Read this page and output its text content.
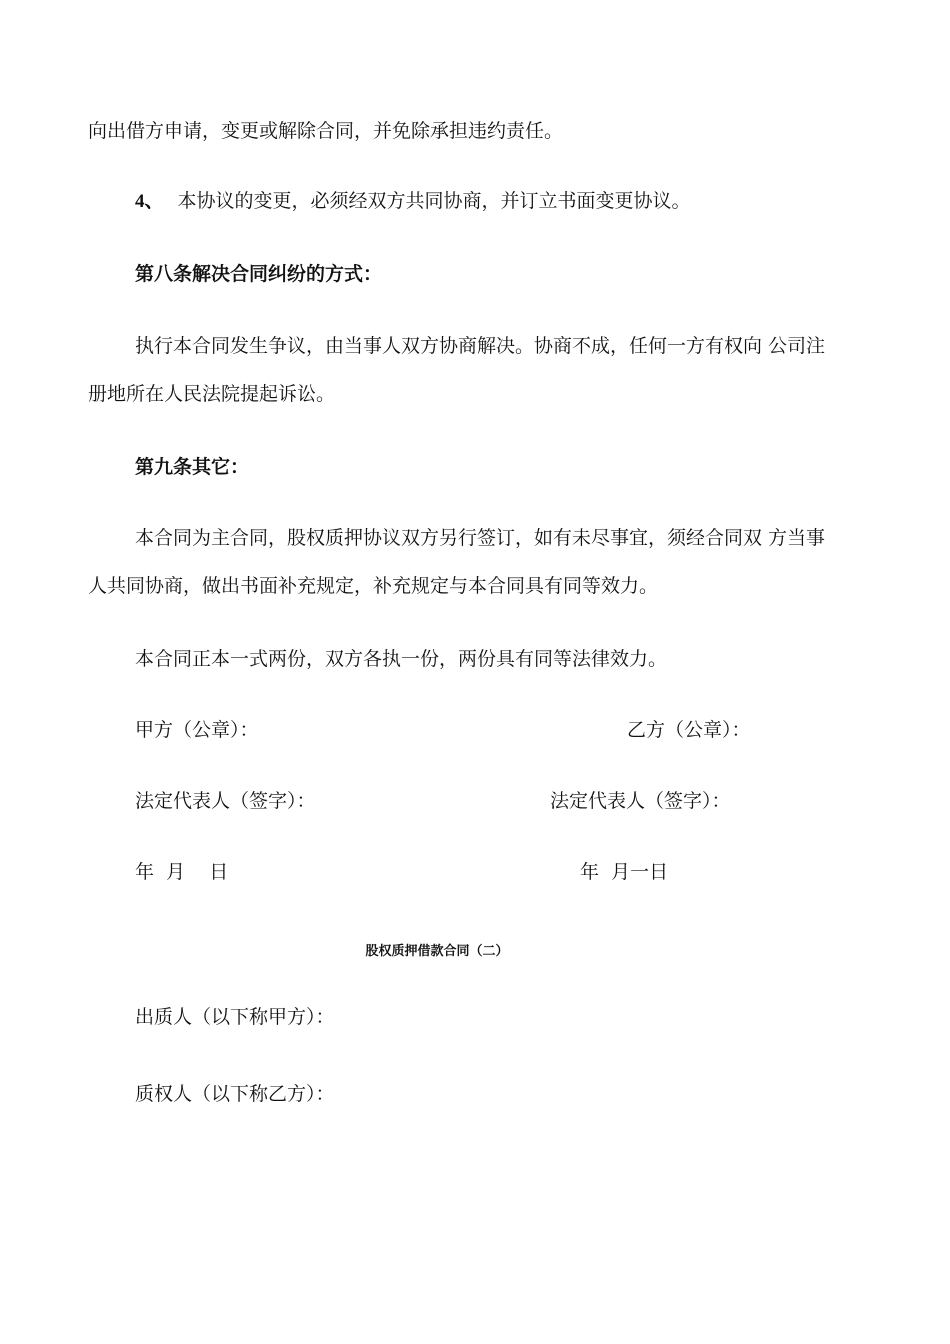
向出借方申请，变更或解除合同，并免除承担违约责任。
4、 本协议的变更，必须经双方共同协商，并订立书面变更协议。
第八条解决合同纠纷的方式：
执行本合同发生争议，由当事人双方协商解决。协商不成，任何一方有权向 公司注
册地所在人民法院提起诉讼。
第九条其它：
本合同为主合同，股权质押协议双方另行签订，如有未尽事宜，须经合同双 方当事
人共同协商，做出书面补充规定，补充规定与本合同具有同等效力。
本合同正本一式两份，双方各执一份，两份具有同等法律效力。
甲方（公章）：	乙方（公章）：
法定代表人（签字）：	法定代表人（签字）：
年  月    日	年  月一日
股权质押借款合同（二）
出质人（以下称甲方）：
质权人（以下称乙方）：
